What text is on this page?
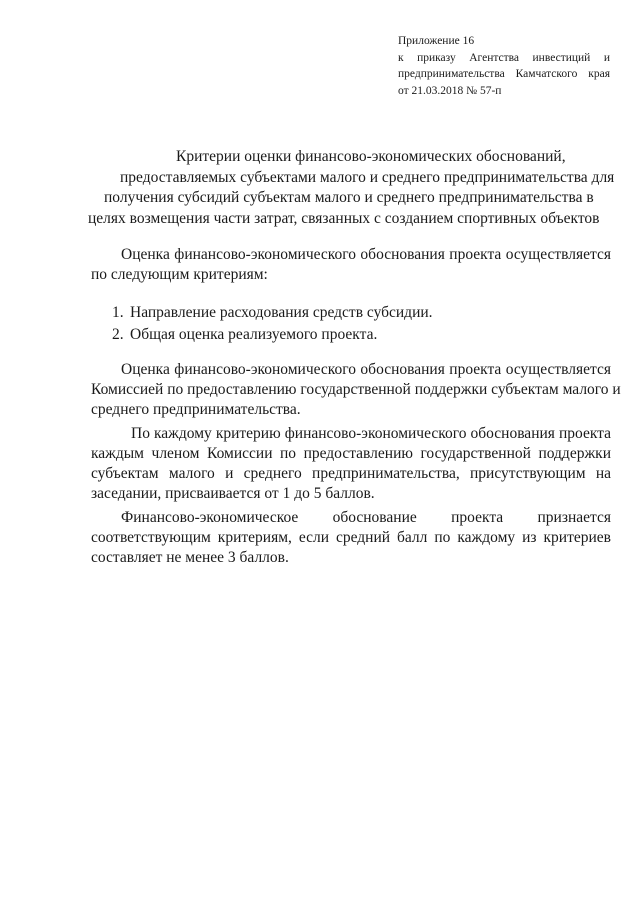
Приложение 16
к приказу Агентства инвестиций и
предпринимательства Камчатского края
от 21.03.2018 № 57-п
Критерии оценки финансово-экономических обоснований,
предоставляемых субъектами малого и среднего предпринимательства для
получения субсидий субъектам малого и среднего предпринимательства в
целях возмещения части затрат, связанных с созданием спортивных объектов
Оценка финансово-экономического обоснования проекта осуществляется
по следующим критериям:
1. Направление расходования средств субсидии.
2. Общая оценка реализуемого проекта.
Оценка финансово-экономического обоснования проекта осуществляется
Комиссией по предоставлению государственной поддержки субъектам малого и
среднего предпринимательства.
По каждому критерию финансово-экономического обоснования проекта
каждым членом Комиссии по предоставлению государственной поддержки
субъектам малого и среднего предпринимательства, присутствующим на
заседании, присваивается от 1 до 5 баллов.
Финансово-экономическое обоснование проекта признается
соответствующим критериям, если средний балл по каждому из критериев
составляет не менее 3 баллов.
